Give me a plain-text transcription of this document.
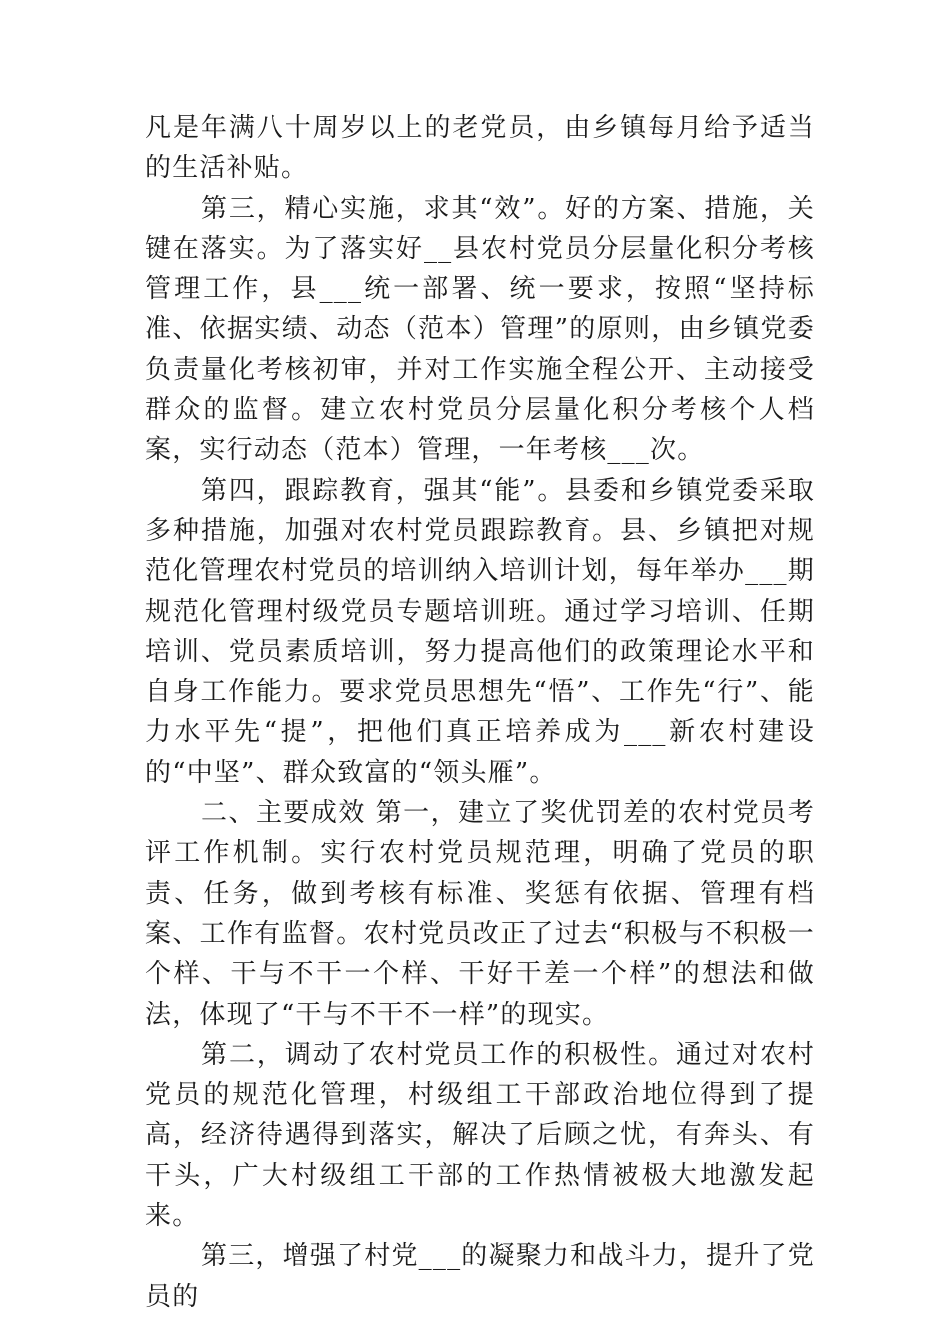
凡是年满八十周岁以上的老党员，由乡镇每月给予适当的生活补贴。

第三，精心实施，求其“效”。好的方案、措施，关键在落实。为了落实好__县农村党员分层量化积分考核管理工作，县___统一部署、统一要求，按照“坚持标准、依据实绩、动态（范本）管理”的原则，由乡镇党委负责量化考核初审，并对工作实施全程公开、主动接受群众的监督。建立农村党员分层量化积分考核个人档案，实行动态（范本）管理，一年考核___次。

第四，跟踪教育，强其“能”。县委和乡镇党委采取多种措施，加强对农村党员跟踪教育。县、乡镇把对规范化管理农村党员的培训纳入培训计划，每年举办___期规范化管理村级党员专题培训班。通过学习培训、任期培训、党员素质培训，努力提高他们的政策理论水平和自身工作能力。要求党员思想先“悟”、工作先“行”、能力水平先“提”，把他们真正培养成为___新农村建设的“中坚”、群众致富的“领头雁”。

二、主要成效 第一，建立了奖优罚差的农村党员考评工作机制。实行农村党员规范理，明确了党员的职责、任务，做到考核有标准、奖惩有依据、管理有档案、工作有监督。农村党员改正了过去“积极与不积极一个样、干与不干一个样、干好干差一个样”的想法和做法，体现了“干与不干不一样”的现实。

第二，调动了农村党员工作的积极性。通过对农村党员的规范化管理，村级组工干部政治地位得到了提高，经济待遇得到落实，解决了后顾之忧，有奔头、有干头，广大村级组工干部的工作热情被极大地激发起来。

第三，增强了村党___的凝聚力和战斗力，提升了党员的
